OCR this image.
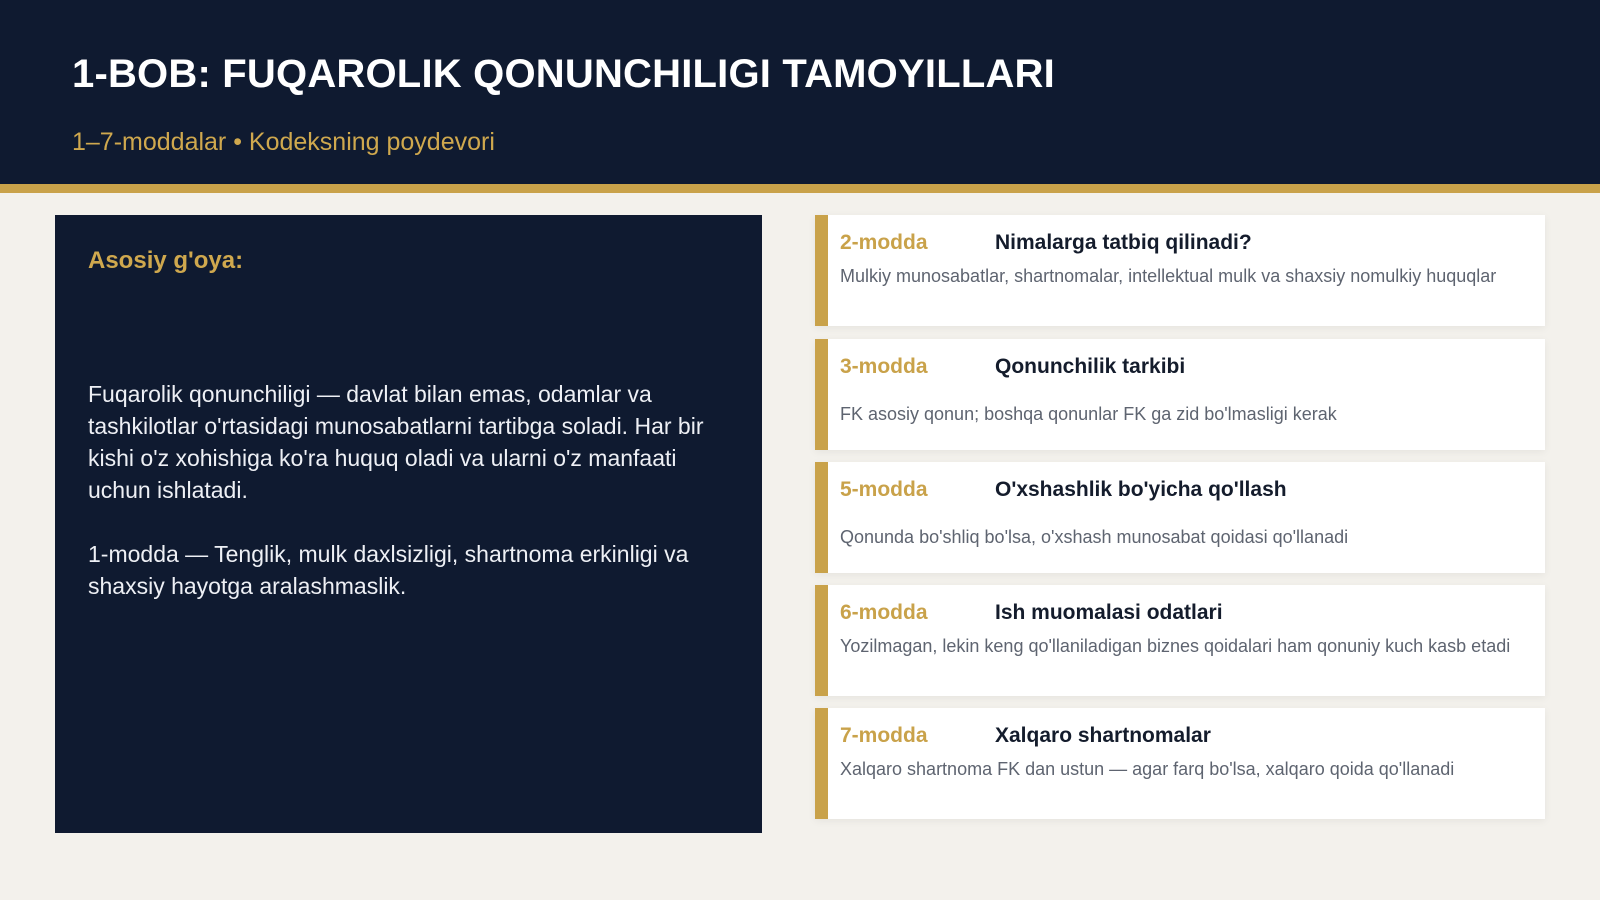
1-BOB: FUQAROLIK QONUNCHILIGI TAMOYILLARI
1–7-moddalar • Kodeksning poydevori
Asosiy g'oya:

Fuqarolik qonunchiligi — davlat bilan emas, odamlar va tashkilotlar o'rtasidagi munosabatlarni tartibga soladi. Har bir kishi o'z xohishiga ko'ra huquq oladi va ularni o'z manfaati uchun ishlatadi.

1-modda — Tenglik, mulk daxlsizligi, shartnoma erkinligi va shaxsiy hayotga aralashmaslik.

2-modda	Nimalarga tatbiq qilinadi?
Mulkiy munosabatlar, shartnomalar, intellektual mulk va shaxsiy nomulkiy huquqlar
3-modda	Qonunchilik tarkibi
FK asosiy qonun; boshqa qonunlar FK ga zid bo'lmasligi kerak
5-modda	O'xshashlik bo'yicha qo'llash
Qonunda bo'shliq bo'lsa, o'xshash munosabat qoidasi qo'llanadi
6-modda	Ish muomalasi odatlari
Yozilmagan, lekin keng qo'llaniladigan biznes qoidalari ham qonuniy kuch kasb etadi
7-modda	Xalqaro shartnomalar
Xalqaro shartnoma FK dan ustun — agar farq bo'lsa, xalqaro qoida qo'llanadi
